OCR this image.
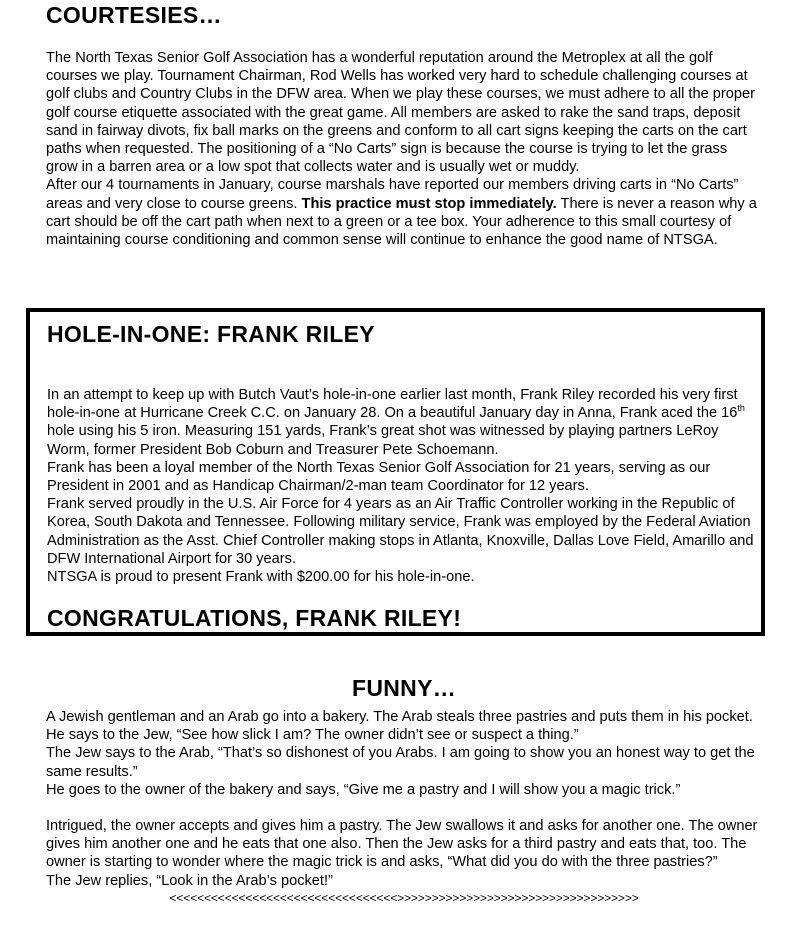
COURTESIES…

The North Texas Senior Golf Association has a wonderful reputation around the Metroplex at all the golf courses we play. Tournament Chairman, Rod Wells has worked very hard to schedule challenging courses at golf clubs and Country Clubs in the DFW area. When we play these courses, we must adhere to all the proper golf course etiquette associated with the great game. All members are asked to rake the sand traps, deposit sand in fairway divots, fix ball marks on the greens and conform to all cart signs keeping the carts on the cart paths when requested. The positioning of a “No Carts” sign is because the course is trying to let the grass grow in a barren area or a low spot that collects water and is usually wet or muddy.

After our 4 tournaments in January, course marshals have reported our members driving carts in “No Carts” areas and very close to course greens. This practice must stop immediately. There is never a reason why a cart should be off the cart path when next to a green or a tee box. Your adherence to this small courtesy of maintaining course conditioning and common sense will continue to enhance the good name of NTSGA.

HOLE-IN-ONE: FRANK RILEY

In an attempt to keep up with Butch Vaut’s hole-in-one earlier last month, Frank Riley recorded his very first hole-in-one at Hurricane Creek C.C. on January 28. On a beautiful January day in Anna, Frank aced the 16th hole using his 5 iron. Measuring 151 yards, Frank’s great shot was witnessed by playing partners LeRoy Worm, former President Bob Coburn and Treasurer Pete Schoemann.

Frank has been a loyal member of the North Texas Senior Golf Association for 21 years, serving as our President in 2001 and as Handicap Chairman/2-man team Coordinator for 12 years.

Frank served proudly in the U.S. Air Force for 4 years as an Air Traffic Controller working in the Republic of Korea, South Dakota and Tennessee. Following military service, Frank was employed by the Federal Aviation Administration as the Asst. Chief Controller making stops in Atlanta, Knoxville, Dallas Love Field, Amarillo and DFW International Airport for 30 years.

NTSGA is proud to present Frank with $200.00 for his hole-in-one.

CONGRATULATIONS, FRANK RILEY!
FUNNY…

A Jewish gentleman and an Arab go into a bakery. The Arab steals three pastries and puts them in his pocket.

He says to the Jew, “See how slick I am? The owner didn’t see or suspect a thing.”

The Jew says to the Arab, “That’s so dishonest of you Arabs. I am going to show you an honest way to get the same results.”

He goes to the owner of the bakery and says, “Give me a pastry and I will show you a magic trick.”

Intrigued, the owner accepts and gives him a pastry. The Jew swallows it and asks for another one. The owner gives him another one and he eats that one also. Then the Jew asks for a third pastry and eats that, too. The owner is starting to wonder where the magic trick is and asks, “What did you do with the three pastries?”

The Jew replies, “Look in the Arab’s pocket!”

<<<<<<<<<<<<<<<<<<<<<<<<<<<<<<<<<>>>>>>>>>>>>>>>>>>>>>>>>>>>>>>>>>>>
